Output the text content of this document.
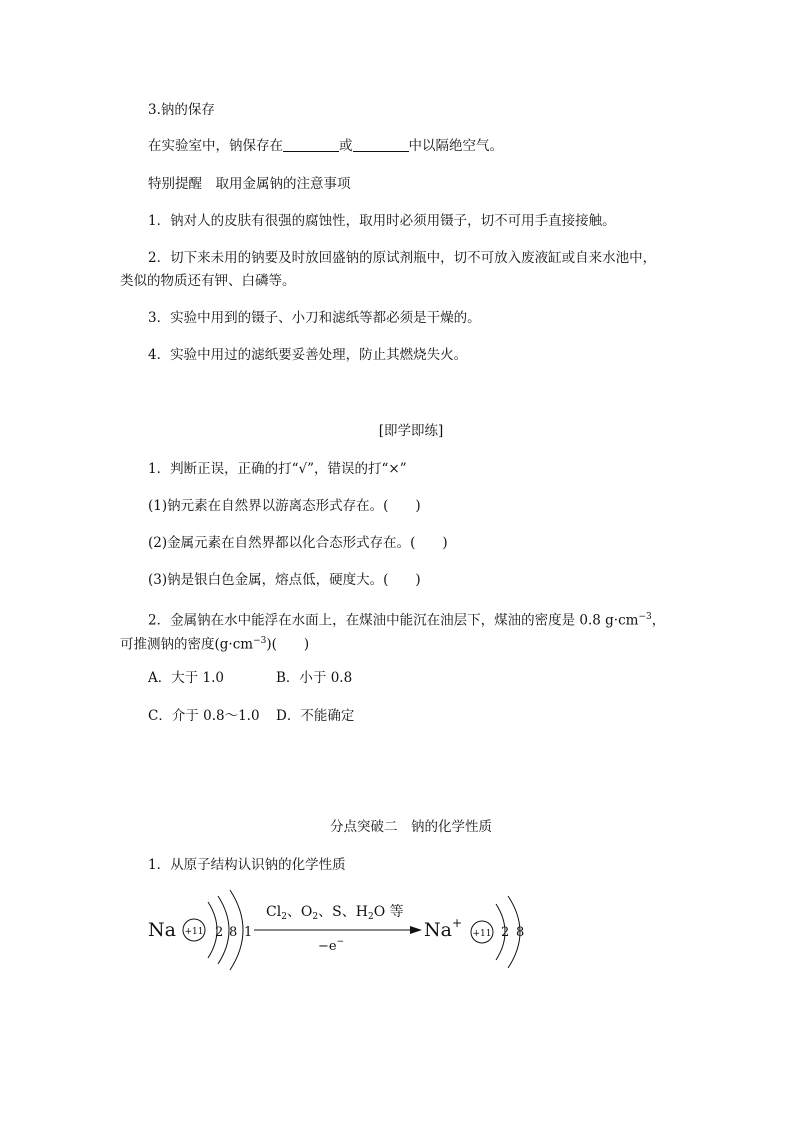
3.钠的保存
在实验室中，钠保存在	或	中以隔绝空气。
特别提醒　取用金属钠的注意事项
1．钠对人的皮肤有很强的腐蚀性，取用时必须用镊子，切不可用手直接接触。
2．切下来未用的钠要及时放回盛钠的原试剂瓶中，切不可放入废液缸或自来水池中，
类似的物质还有钾、白磷等。
3．实验中用到的镊子、小刀和滤纸等都必须是干燥的。
4．实验中用过的滤纸要妥善处理，防止其燃烧失火。
[即学即练]
1．判断正误，正确的打“√”，错误的打“×”
(1)钠元素在自然界以游离态形式存在。(　　)
(2)金属元素在自然界都以化合态形式存在。(　　)
(3)钠是银白色金属，熔点低，硬度大。(　　)
2．金属钠在水中能浮在水面上，在煤油中能沉在油层下，煤油的密度是 0.8 $g\cdot cm^{-3}$，
可推测钠的密度$(g\cdot cm^{-3})$(　　)
A．大于 1.0	B．小于 0.8
C．介于 0.8～1.0 D．不能确定
分点突破二　钠的化学性质
1．从原子结构认识钠的化学性质
Na +11 2 8 1
$Cl_2$、$O_2$、S、$H_2O$ 等
−e−
Na+
+11 2 8
